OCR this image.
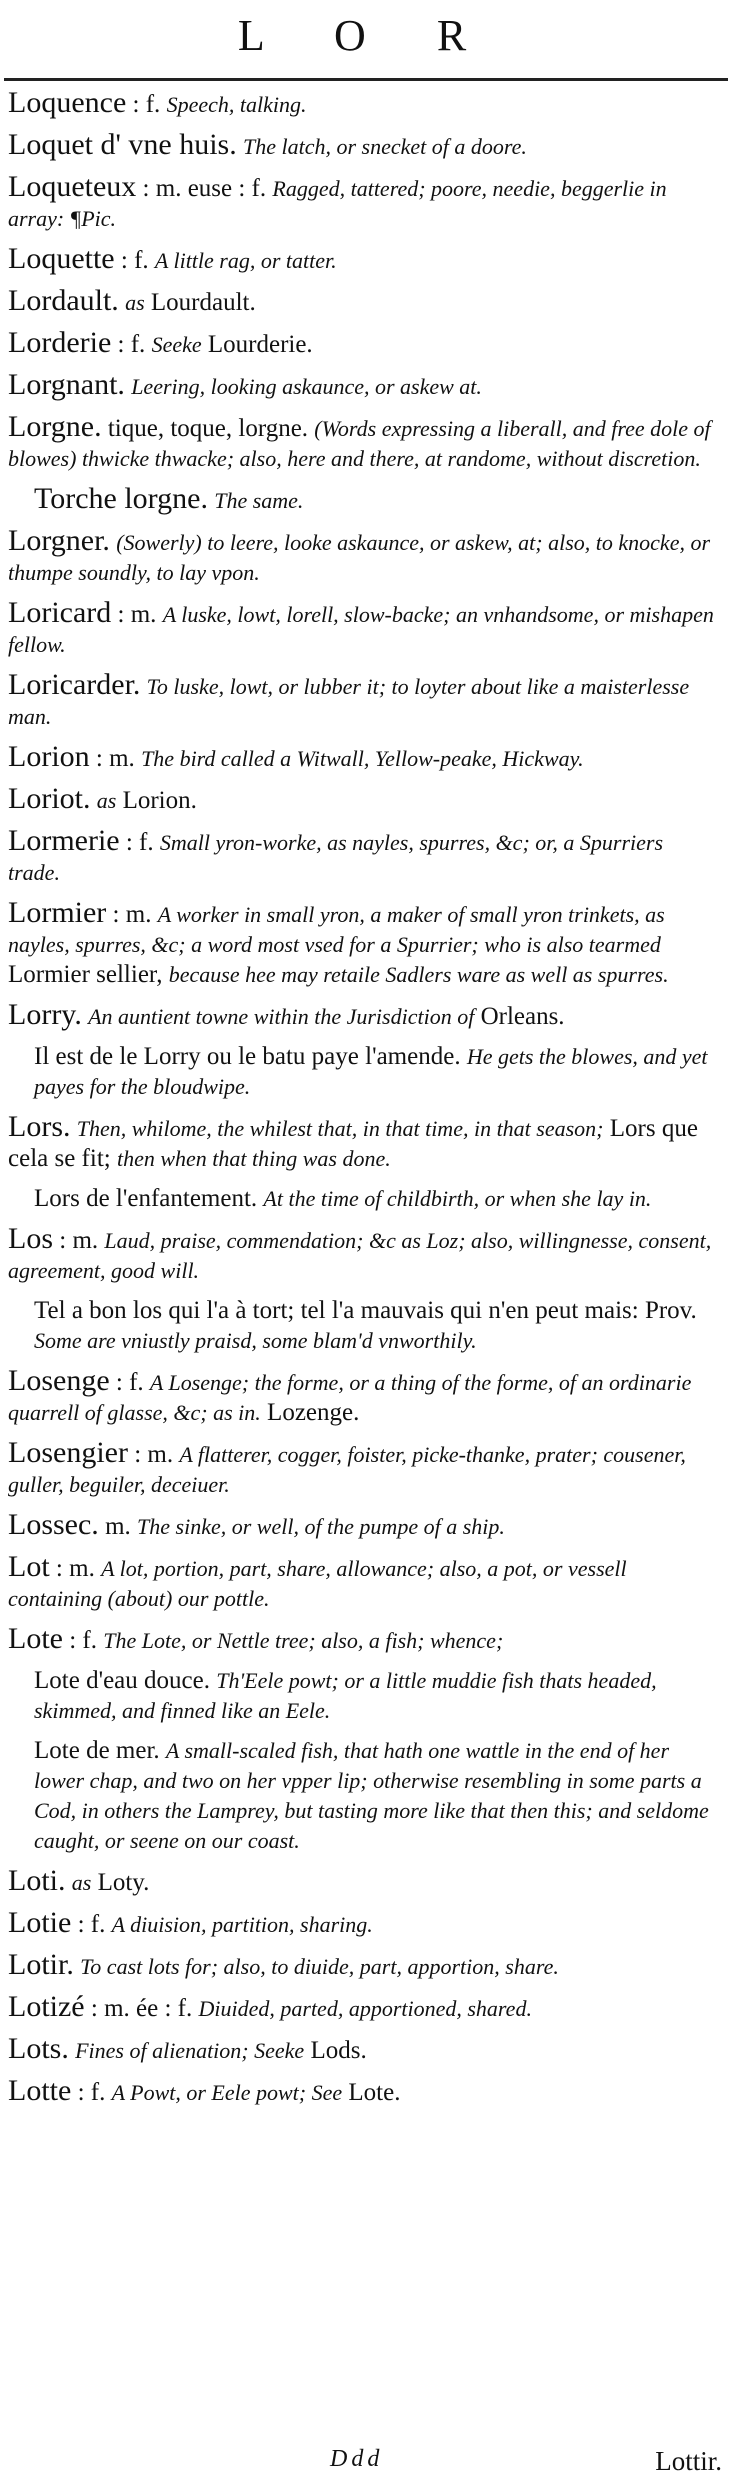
L O R
Loquence : f. Speech, talking.
Loquet d' vne huis. The latch, or snecket of a doore.
Loqueteux : m. euse : f. Ragged, tattered; poore, needie, beggerlie in array: ¶Pic.
Loquette : f. A little rag, or tatter.
Lordault. as Lourdault.
Lorderie : f. Seeke Lourderie.
Lorgnant. Leering, looking askaunce, or askew at.
Lorgne. tique, toque, lorgne. (Words expressing a liberall, and free dole of blowes) thwicke thwacke; also, here and there, at randome, without discretion.
Torche lorgne. The same.
Lorgner. (Sowerly) to leere, looke askaunce, or askew, at; also, to knocke, or thumpe soundly, to lay vpon.
Loricard : m. A luske, lowt, lorell, slow-backe; an vnhandsome, or mishapen fellow.
Loricarder. To luske, lowt, or lubber it; to loyter about like a maisterlesse man.
Lorion : m. The bird called a Witwall, Yellow-peake, Hickway.
Loriot. as Lorion.
Lormerie : f. Small yron-worke, as nayles, spurres, &c; or, a Spurriers trade.
Lormier : m. A worker in small yron, a maker of small yron trinkets, as nayles, spurres, &c; a word most vsed for a Spurrier; who is also tearmed Lormier sellier, because hee may retaile Sadlers ware as well as spurres.
Lorry. An auntient towne within the Jurisdiction of Orleans.
Il est de le Lorry ou le batu paye l'amende. He gets the blowes, and yet payes for the bloudwipe.
Lors. Then, whilome, the whilest that, in that time, in that season; Lors que cela se fit; then when that thing was done.
Lors de l'enfantement. At the time of childbirth, or when she lay in.
Los : m. Laud, praise, commendation; &c as Loz; also, willingnesse, consent, agreement, good will.
Tel a bon los qui l'a à tort; tel l'a mauvais qui n'en peut mais: Prov. Some are vniustly praisd, some blam'd vnworthily.
Losenge : f. A Losenge; the forme, or a thing of the forme, of an ordinarie quarrell of glasse, &c; as in. Lozenge.
Losengier : m. A flatterer, cogger, foister, picke-thanke, prater; cousener, guller, beguiler, deceiuer.
Lossec. m. The sinke, or well, of the pumpe of a ship.
Lot : m. A lot, portion, part, share, allowance; also, a pot, or vessell containing (about) our pottle.
Lote : f. The Lote, or Nettle tree; also, a fish; whence;
Lote d'eau douce. Th'Eele powt; or a little muddie fish thats headed, skimmed, and finned like an Eele.
Lote de mer. A small-scaled fish, that hath one wattle in the end of her lower chap, and two on her vpper lip; otherwise resembling in some parts a Cod, in others the Lamprey, but tasting more like that then this; and seldome caught, or seene on our coast.
Loti. as Loty.
Lotie : f. A diuision, partition, sharing.
Lotir. To cast lots for; also, to diuide, part, apportion, share.
Lotizé : m. ée : f. Diuided, parted, apportioned, shared.
Lots. Fines of alienation; Seeke Lods.
Lotte : f. A Powt, or Eele powt; See Lote.
Ddd	Lottir.
